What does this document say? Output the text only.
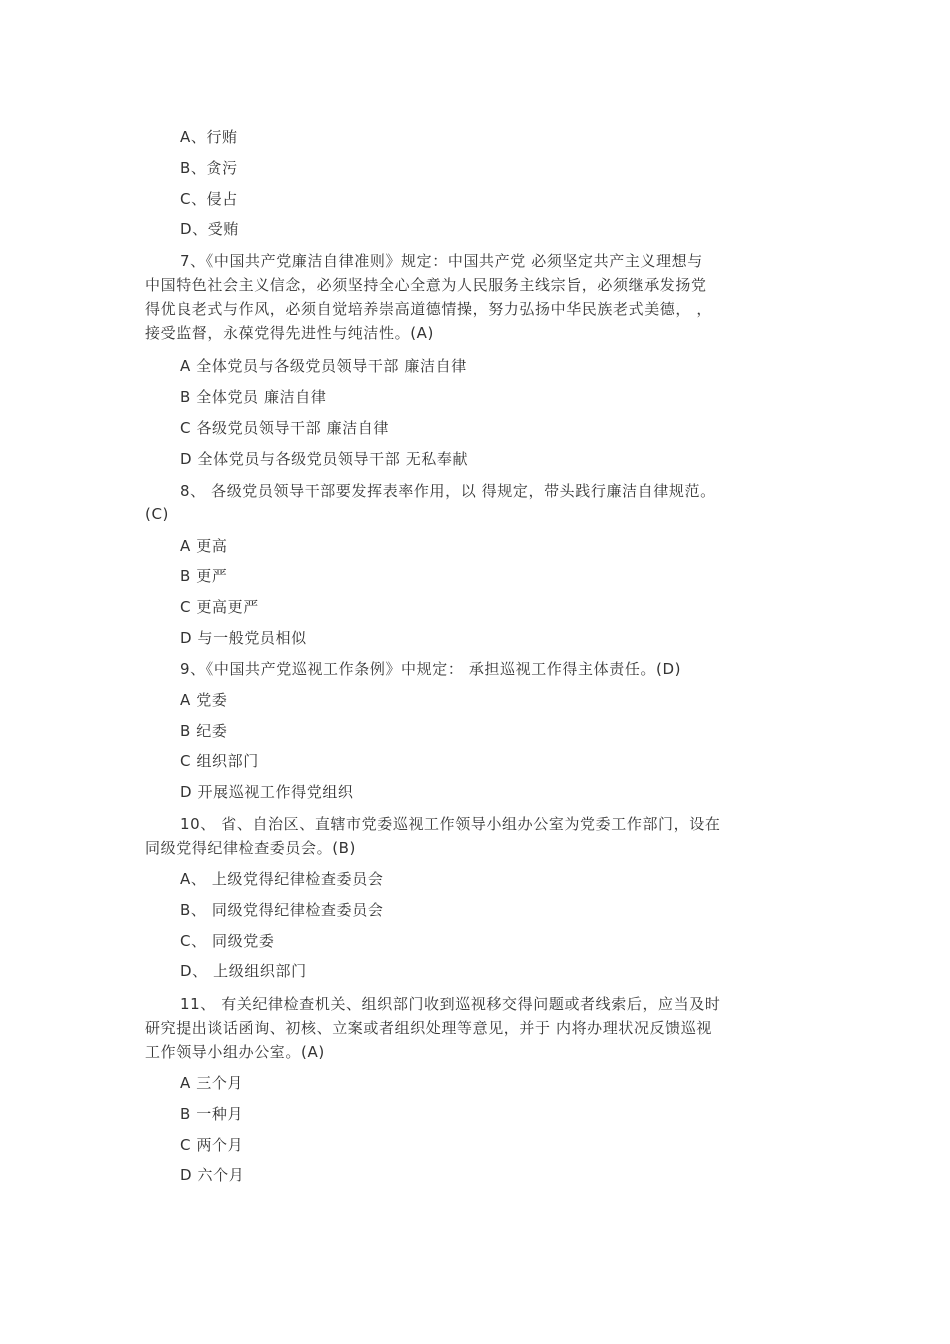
A、行贿
B、贪污
C、侵占
D、受贿
7、《中国共产党廉洁自律准则》规定：中国共产党 必须坚定共产主义理想与
中国特色社会主义信念，必须坚持全心全意为人民服务主线宗旨，必须继承发扬党
得优良老式与作风，必须自觉培养崇高道德情操，努力弘扬中华民族老式美德， ，
接受监督，永葆党得先进性与纯洁性。(A)
A 全体党员与各级党员领导干部 廉洁自律
B 全体党员 廉洁自律
C 各级党员领导干部 廉洁自律
D 全体党员与各级党员领导干部 无私奉献
8、 各级党员领导干部要发挥表率作用，以 得规定，带头践行廉洁自律规范。
(C)
A 更高
B 更严
C 更高更严
D 与一般党员相似
9、《中国共产党巡视工作条例》中规定： 承担巡视工作得主体责任。(D)
A 党委
B 纪委
C 组织部门
D 开展巡视工作得党组织
10、 省、自治区、直辖市党委巡视工作领导小组办公室为党委工作部门，设在
同级党得纪律检查委员会。(B)
A、 上级党得纪律检查委员会
B、 同级党得纪律检查委员会
C、 同级党委
D、 上级组织部门
11、 有关纪律检查机关、组织部门收到巡视移交得问题或者线索后，应当及时
研究提出谈话函询、初核、立案或者组织处理等意见，并于 内将办理状况反馈巡视
工作领导小组办公室。(A)
A 三个月
B 一种月
C 两个月
D 六个月
